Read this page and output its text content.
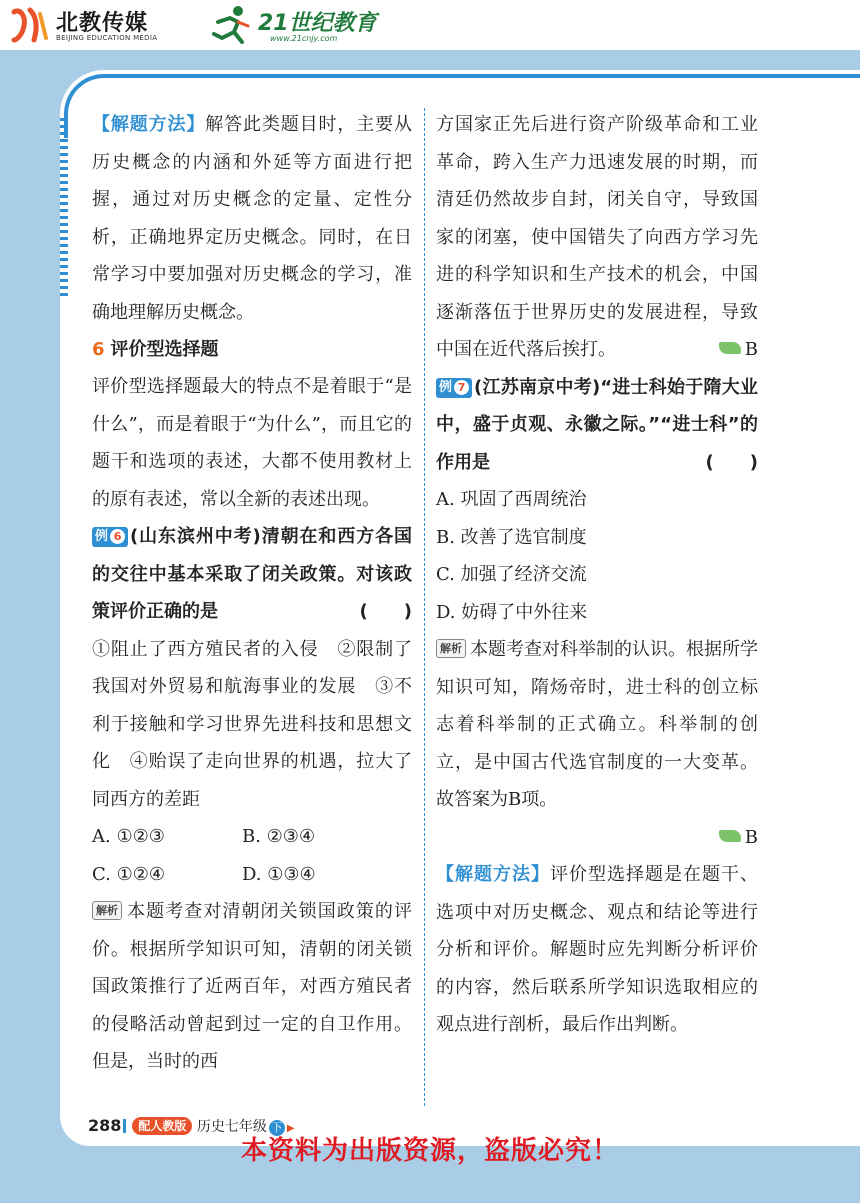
北教传媒
BEIJING EDUCATION MEDIA
21世纪教育
www.21cnjy.com

【解题方法】解答此类题目时，主要从历史概念的内涵和外延等方面进行把握，通过对历史概念的定量、定性分析，正确地界定历史概念。同时，在日常学习中要加强对历史概念的学习，准确地理解历史概念。

6 评价型选择题

评价型选择题最大的特点不是着眼于“是什么”，而是着眼于“为什么”，而且它的题干和选项的表述，大都不使用教材上的原有表述，常以全新的表述出现。

例 6 (山东滨州中考)清朝在和西方各国的交往中基本采取了闭关政策。对该政策评价正确的是	(　　)

①阻止了西方殖民者的入侵　②限制了我国对外贸易和航海事业的发展　③不利于接触和学习世界先进科技和思想文化　④贻误了走向世界的机遇，拉大了同西方的差距

A. ①②③	B. ②③④
C. ①②④	D. ①③④

解析 本题考查对清朝闭关锁国政策的评价。根据所学知识可知，清朝的闭关锁国政策推行了近两百年，对西方殖民者的侵略活动曾起到过一定的自卫作用。但是，当时的西

方国家正先后进行资产阶级革命和工业革命，跨入生产力迅速发展的时期，而清廷仍然故步自封，闭关自守，导致国家的闭塞，使中国错失了向西方学习先进的科学知识和生产技术的机会，中国逐渐落伍于世界历史的发展进程，导致中国在近代落后挨打。	B

例 7 (江苏南京中考)“进士科始于隋大业中，盛于贞观、永徽之际。”“进士科”的作用是	(　　)

A. 巩固了西周统治

B. 改善了选官制度

C. 加强了经济交流

D. 妨碍了中外往来

解析 本题考查对科举制的认识。根据所学知识可知，隋炀帝时，进士科的创立标志着科举制的正式确立。科举制的创立，是中国古代选官制度的一大变革。故答案为B项。

B

【解题方法】评价型选择题是在题干、选项中对历史概念、观点和结论等进行分析和评价。解题时应先判断分析评价的内容，然后联系所学知识选取相应的观点进行剖析，最后作出判断。

288 配人教版 历史七年级 下 ▶
本资料为出版资源，盗版必究！
